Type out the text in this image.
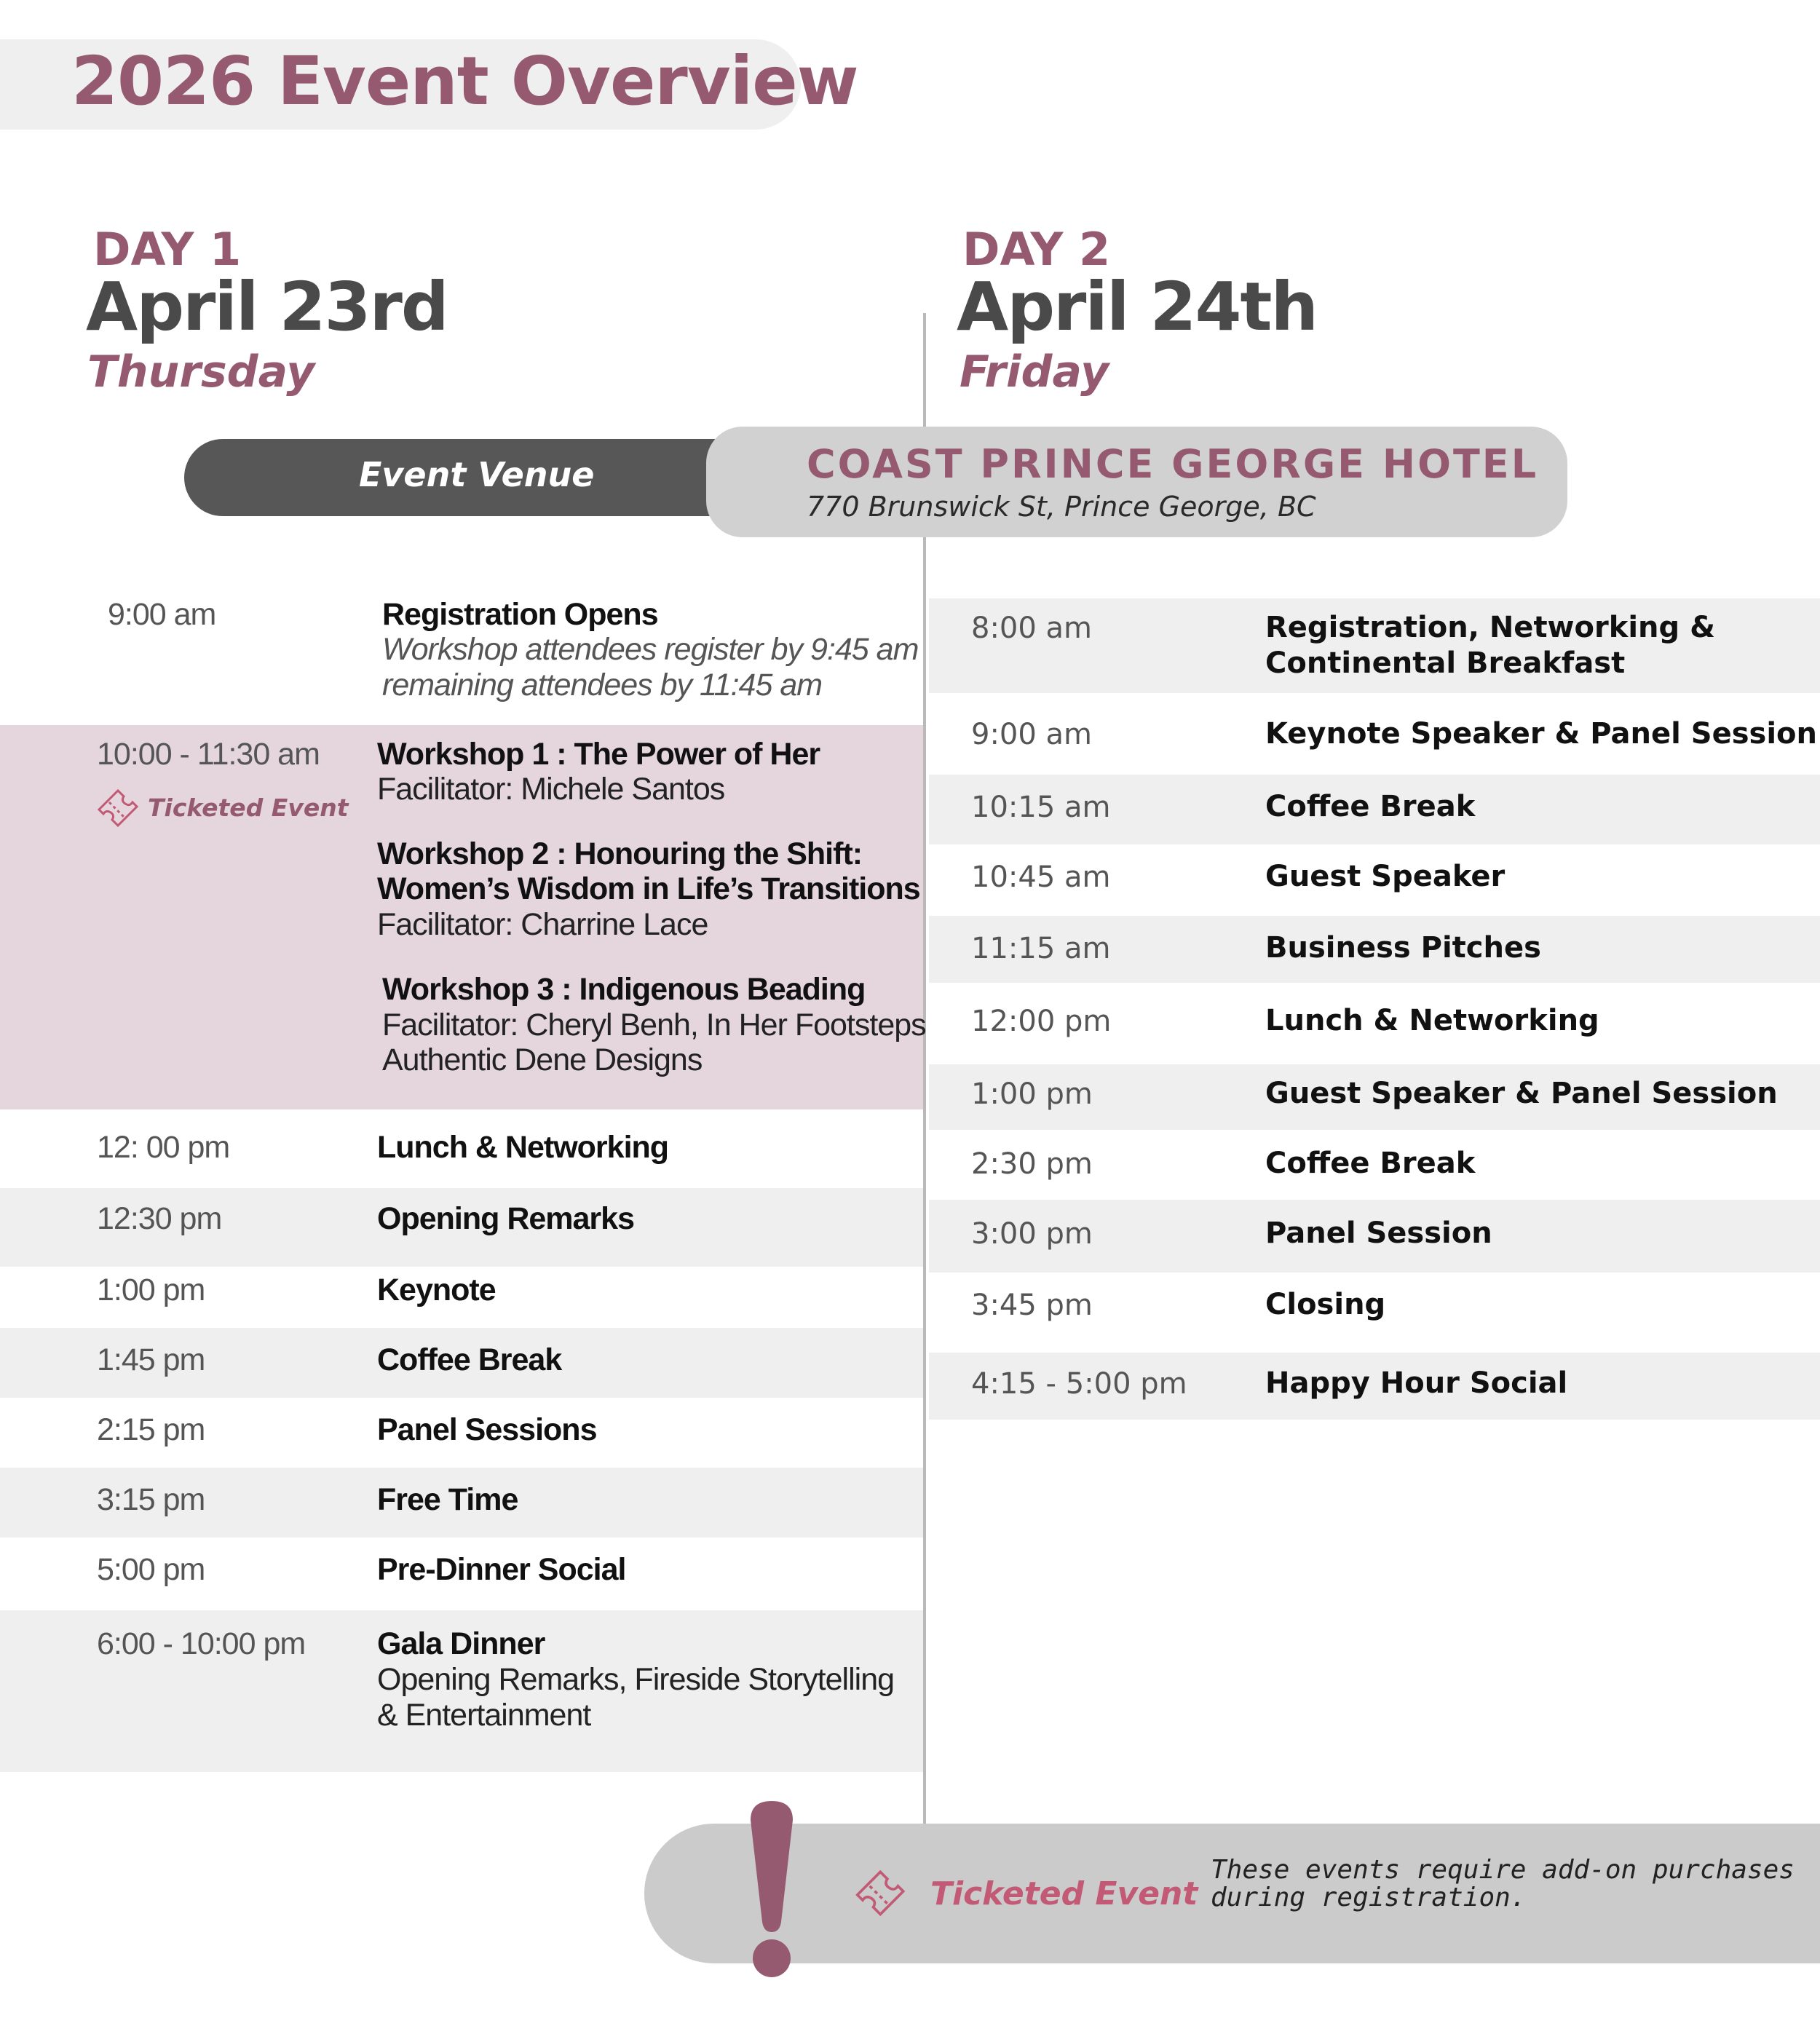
2026 Event Overview
DAY 1
April 23rd
Thursday
DAY 2
April 24th
Friday
Event Venue	COAST PRINCE GEORGE HOTEL
770 Brunswick St, Prince George, BC
9:00 am	Registration Opens
Workshop attendees register by 9:45 am
remaining attendees by 11:45 am
10:00 - 11:30 am
Ticketed Event
Workshop 1 : The Power of Her
Facilitator: Michele Santos
Workshop 2 : Honouring the Shift:
Women’s Wisdom in Life’s Transitions
Facilitator: Charrine Lace
Workshop 3 : Indigenous Beading
Facilitator: Cheryl Benh, In Her Footsteps
Authentic Dene Designs
12: 00 pm	Lunch & Networking
12:30 pm	Opening Remarks
1:00 pm	Keynote
1:45 pm	Coffee Break
2:15 pm	Panel Sessions
3:15 pm	Free Time
5:00 pm	Pre-Dinner Social
6:00 - 10:00 pm Gala Dinner
Opening Remarks, Fireside Storytelling
& Entertainment
8:00 am	Registration, Networking &
Continental Breakfast
9:00 am	Keynote Speaker & Panel Session
10:15 am	Coffee Break
10:45 am	Guest Speaker
11:15 am	Business Pitches
12:00 pm	Lunch & Networking
1:00 pm	Guest Speaker & Panel Session
2:30 pm	Coffee Break
3:00 pm	Panel Session
3:45 pm	Closing
4:15 - 5:00 pm	Happy Hour Social
Ticketed Event
These events require add-on purchases
during registration.
